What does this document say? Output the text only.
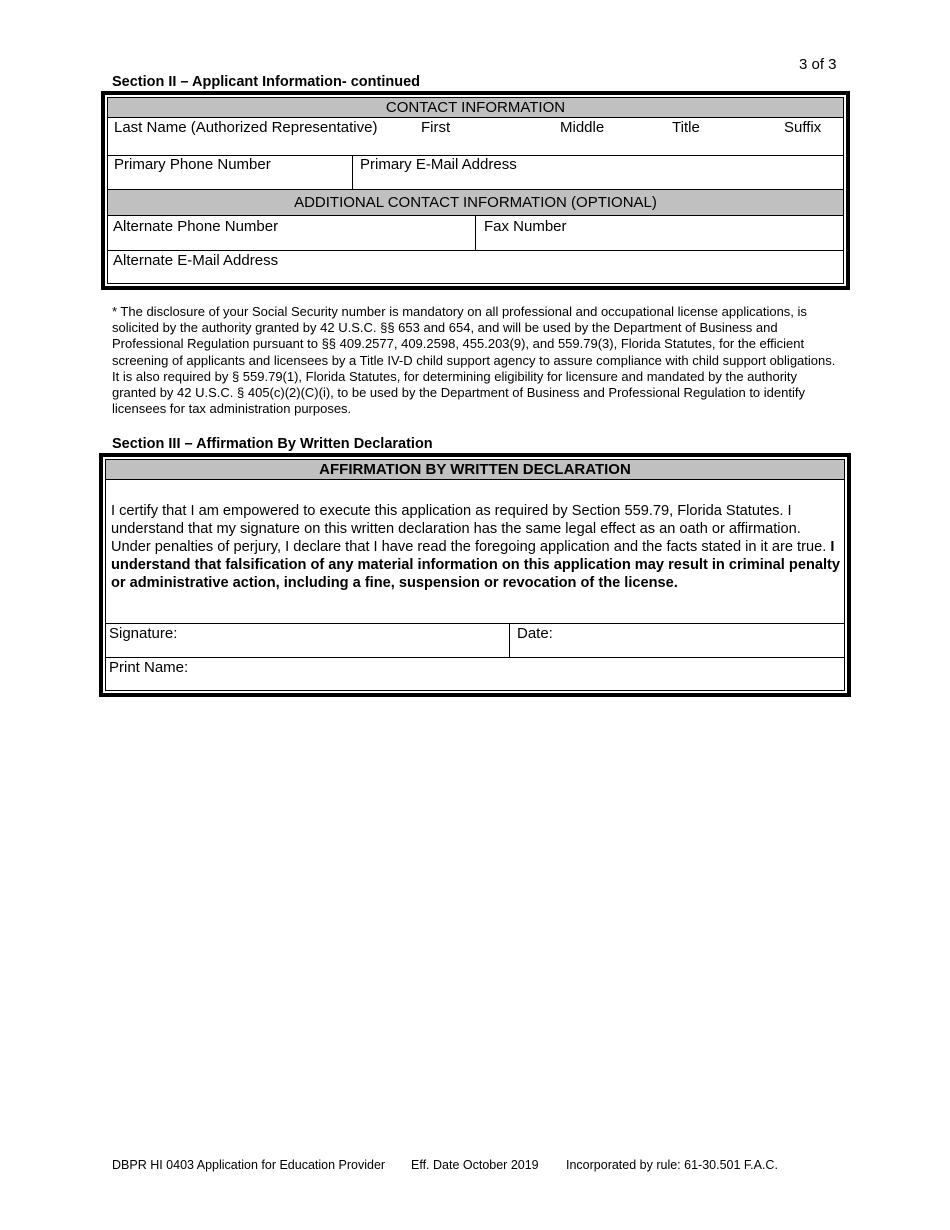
3 of 3
Section II – Applicant Information- continued
CONTACT INFORMATION
Last Name (Authorized Representative)	First	Middle	Title	Suffix
Primary Phone Number	Primary E-Mail Address
ADDITIONAL CONTACT INFORMATION (OPTIONAL)
Alternate Phone Number	Fax Number
Alternate E-Mail Address
* The disclosure of your Social Security number is mandatory on all professional and occupational license applications, is solicited by the authority granted by 42 U.S.C. §§ 653 and 654, and will be used by the Department of Business and Professional Regulation pursuant to §§ 409.2577, 409.2598, 455.203(9), and 559.79(3), Florida Statutes, for the efficient screening of applicants and licensees by a Title IV-D child support agency to assure compliance with child support obligations. It is also required by § 559.79(1), Florida Statutes, for determining eligibility for licensure and mandated by the authority granted by 42 U.S.C. § 405(c)(2)(C)(i), to be used by the Department of Business and Professional Regulation to identify licensees for tax administration purposes.
Section III – Affirmation By Written Declaration
AFFIRMATION BY WRITTEN DECLARATION
I certify that I am empowered to execute this application as required by Section 559.79, Florida Statutes. I understand that my signature on this written declaration has the same legal effect as an oath or affirmation. Under penalties of perjury, I declare that I have read the foregoing application and the facts stated in it are true. I understand that falsification of any material information on this application may result in criminal penalty or administrative action, including a fine, suspension or revocation of the license.
Signature:	Date:
Print Name:
DBPR HI 0403 Application for Education Provider Eff. Date October 2019 Incorporated by rule: 61-30.501 F.A.C.
